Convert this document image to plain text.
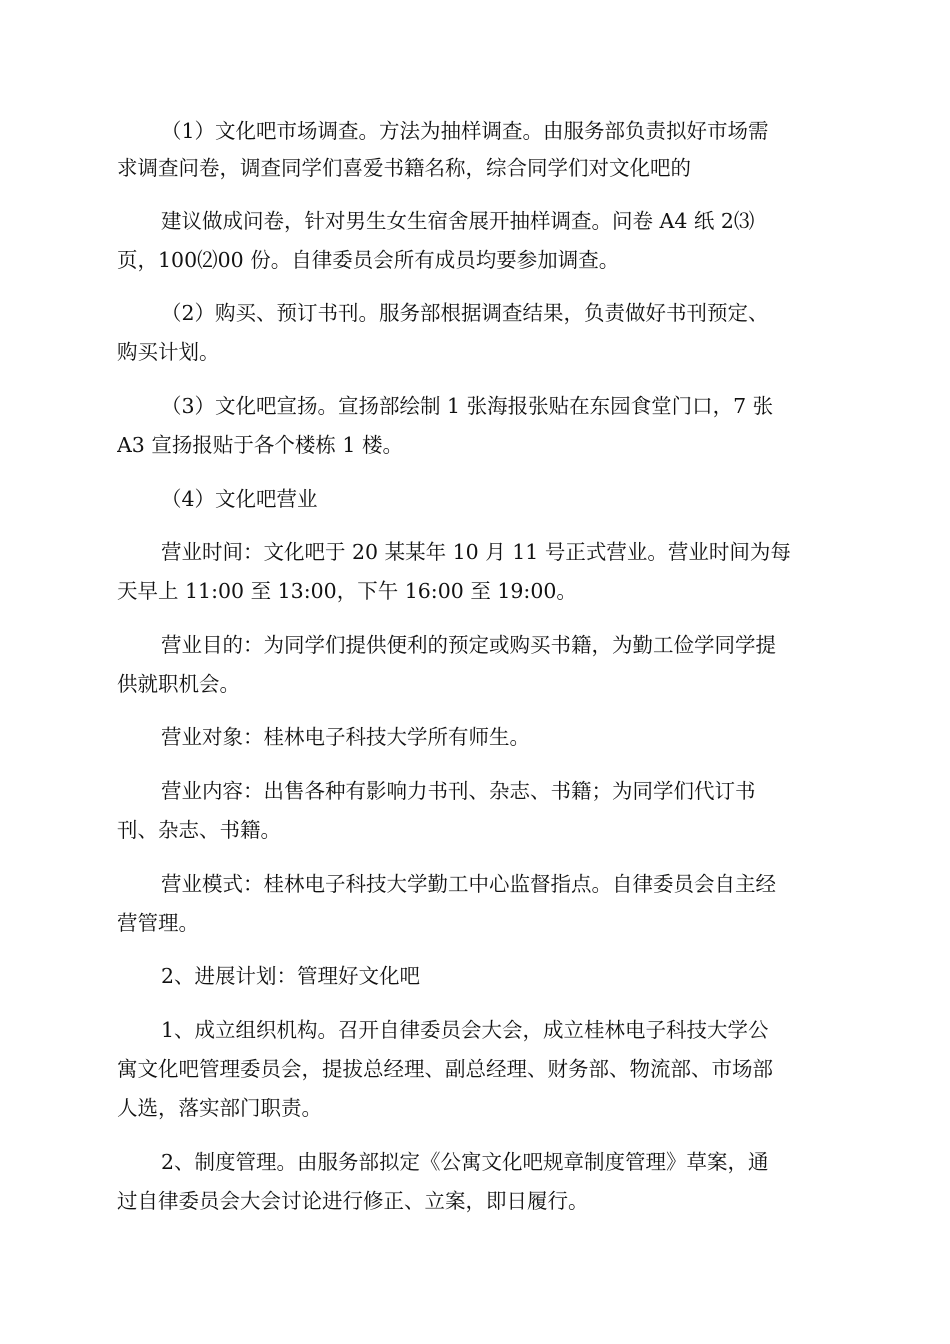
（1）文化吧市场调查。方法为抽样调查。由服务部负责拟好市场需
求调查问卷，调查同学们喜爱书籍名称，综合同学们对文化吧的
建议做成问卷，针对男生女生宿舍展开抽样调查。问卷 A4 纸 2⑶
页，100⑵00 份。自律委员会所有成员均要参加调查。
（2）购买、预订书刊。服务部根据调查结果，负责做好书刊预定、
购买计划。
（3）文化吧宣扬。宣扬部绘制 1 张海报张贴在东园食堂门口，7 张
A3 宣扬报贴于各个楼栋 1 楼。
（4）文化吧营业
营业时间：文化吧于 20 某某年 10 月 11 号正式营业。营业时间为每
天早上 11:00 至 13:00，下午 16:00 至 19:00。
营业目的：为同学们提供便利的预定或购买书籍，为勤工俭学同学提
供就职机会。
营业对象：桂林电子科技大学所有师生。
营业内容：出售各种有影响力书刊、杂志、书籍；为同学们代订书
刊、杂志、书籍。
营业模式：桂林电子科技大学勤工中心监督指点。自律委员会自主经
营管理。
2、进展计划：管理好文化吧
1、成立组织机构。召开自律委员会大会，成立桂林电子科技大学公
寓文化吧管理委员会，提拔总经理、副总经理、财务部、物流部、市场部
人选，落实部门职责。
2、制度管理。由服务部拟定《公寓文化吧规章制度管理》草案，通
过自律委员会大会讨论进行修正、立案，即日履行。
